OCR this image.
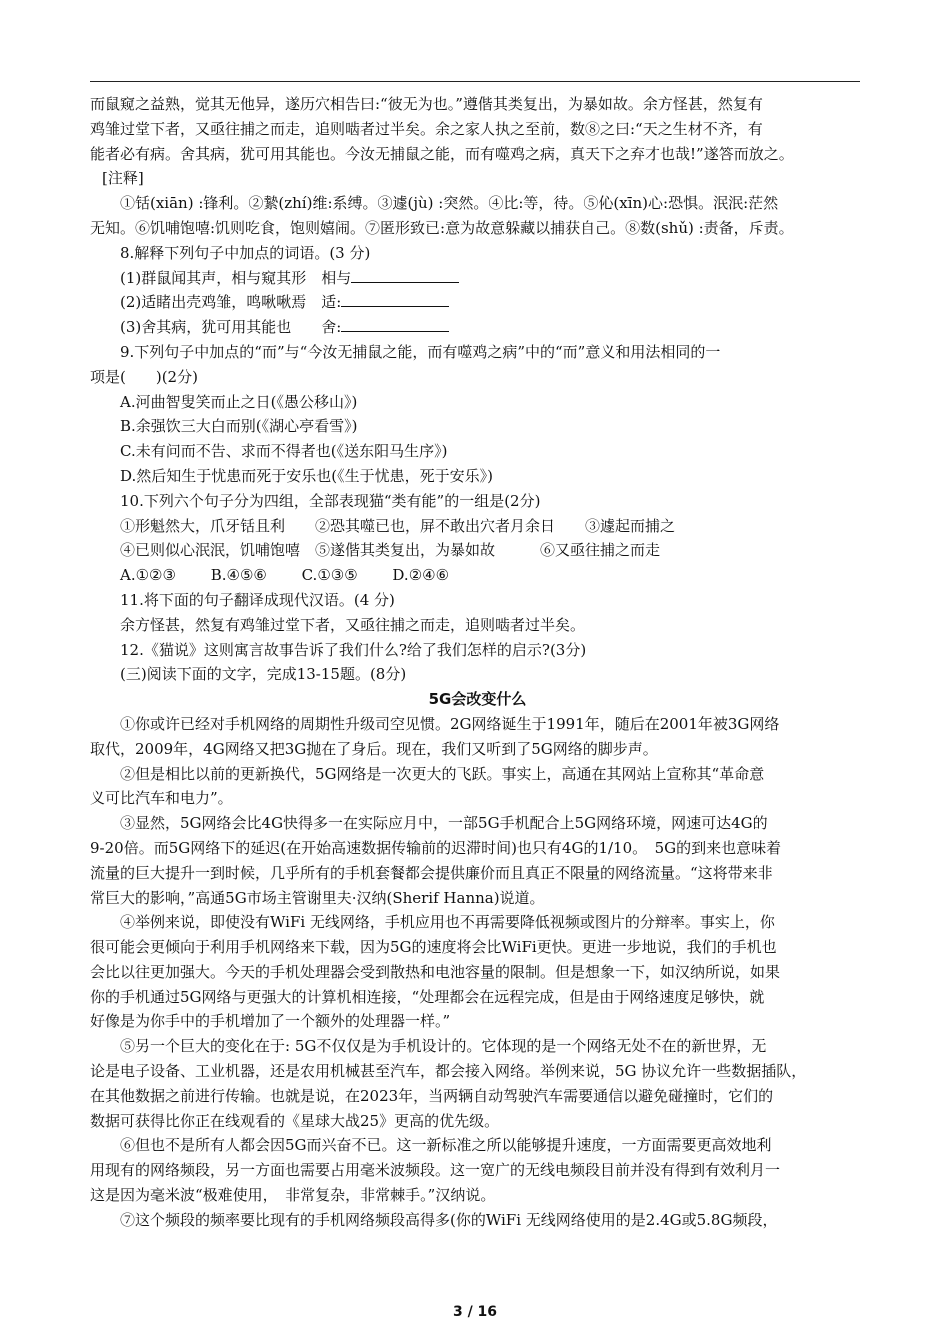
而鼠窥之益熟，觉其无他异，遂历穴相告曰:“彼无为也。”遵偕其类复出，为暴如故。余方怪甚，然复有
鸡雏过堂下者，又亟往捕之而走，追则啮者过半矣。余之家人执之至前，数⑧之曰:“天之生材不齐，有
能者必有病。舍其病，犹可用其能也。今汝无捕鼠之能，而有噬鸡之病，真天下之弃才也哉!”遂答而放之。
[注释]
①铦(xiān) :锋利。②縶(zhí)维:系缚。③遽(jù) :突然。④比:等，待。⑤伈(xīn)心:恐惧。泯泯:茫然
无知。⑥饥哺饱嘻:饥则吃食，饱则嬉闹。⑦匿形致已:意为故意躲藏以捕获自己。⑧数(shǔ) :责备，斥责。
8.解释下列句子中加点的词语。(3 分)
(1)群鼠闻其声，相与窥其形　相与
(2)适睹出壳鸡雏，鸣啾啾焉　适:
(3)舍其病，犹可用其能也　　舍:
9.下列句子中加点的“而”与“今汝无捕鼠之能，而有噬鸡之病”中的“而”意义和用法相同的一
项是(　　)(2分)
A.河曲智叟笑而止之日(《愚公移山》)
B.余强饮三大白而别(《湖心亭看雪》)
C.未有问而不告、求而不得者也(《送东阳马生序》)
D.然后知生于忧患而死于安乐也(《生于忧患，死于安乐》)
10.下列六个句子分为四组，全部表现猫“类有能”的一组是(2分)
①形魁然大，爪牙铦且利　　②恐其噬已也，屏不敢出穴者月余日　　③遽起而捕之
④已则似心泯泯，饥哺饱嘻　⑤遂偕其类复出，为暴如故　　　⑥又亟往捕之而走
A.①②③　　 B.④⑤⑥　　 C.①③⑤　　 D.②④⑥
11.将下面的句子翻译成现代汉语。(4 分)
余方怪甚，然复有鸡雏过堂下者，又亟往捕之而走，追则啮者过半矣。
12.《猫说》这则寓言故事告诉了我们什么?给了我们怎样的启示?(3分)
(三)阅读下面的文字，完成13-15题。(8分)
5G会改变什么
①你或许已经对手机网络的周期性升级司空见惯。2G网络诞生于1991年，随后在2001年被3G网络
取代，2009年，4G网络又把3G抛在了身后。现在，我们又听到了5G网络的脚步声。
②但是相比以前的更新换代，5G网络是一次更大的飞跃。事实上，高通在其网站上宣称其“革命意
义可比汽车和电力”。
③显然，5G网络会比4G快得多一在实际应月中，一部5G手机配合上5G网络环境，网速可达4G的
9-20倍。而5G网络下的延迟(在开始高速数据传输前的迟滞时间)也只有4G的1/10。　5G的到来也意味着
流量的巨大提升一到时候，几乎所有的手机套餐都会提供廉价而且真正不限量的网络流量。“这将带来非
常巨大的影响，”高通5G市场主管谢里夫·汉纳(Sherif Hanna)说道。
④举例来说，即使没有WiFi 无线网络，手机应用也不再需要降低视频或图片的分辩率。事实上，你
很可能会更倾向于利用手机网络来下载，因为5G的速度将会比WiFi更快。更进一步地说，我们的手机也
会比以往更加强大。今天的手机处理器会受到散热和电池容量的限制。但是想象一下，如汉纳所说，如果
你的手机通过5G网络与更强大的计算机相连接，“处理都会在远程完成，但是由于网络速度足够快，就
好像是为你手中的手机增加了一个额外的处理器一样。”
⑤另一个巨大的变化在于: 5G不仅仅是为手机设计的。它体现的是一个网络无处不在的新世界，无
论是电子设备、工业机器，还是农用机械甚至汽车，都会接入网络。举例来说，5G 协议允许一些数据插队，
在其他数据之前进行传输。也就是说，在2023年，当两辆自动驾驶汽车需要通信以避免碰撞时，它们的
数据可获得比你正在线观看的《星球大战25》更高的优先级。
⑥但也不是所有人都会因5G而兴奋不已。这一新标准之所以能够提升速度，一方面需要更高效地利
用现有的网络频段，另一方面也需要占用毫米波频段。这一宽广的无线电频段目前并没有得到有效利月一
这是因为毫米波“极难使用，　非常复杂，非常棘手。”汉纳说。
⑦这个频段的频率要比现有的手机网络频段高得多(你的WiFi 无线网络使用的是2.4G或5.8G频段，
3 / 16
